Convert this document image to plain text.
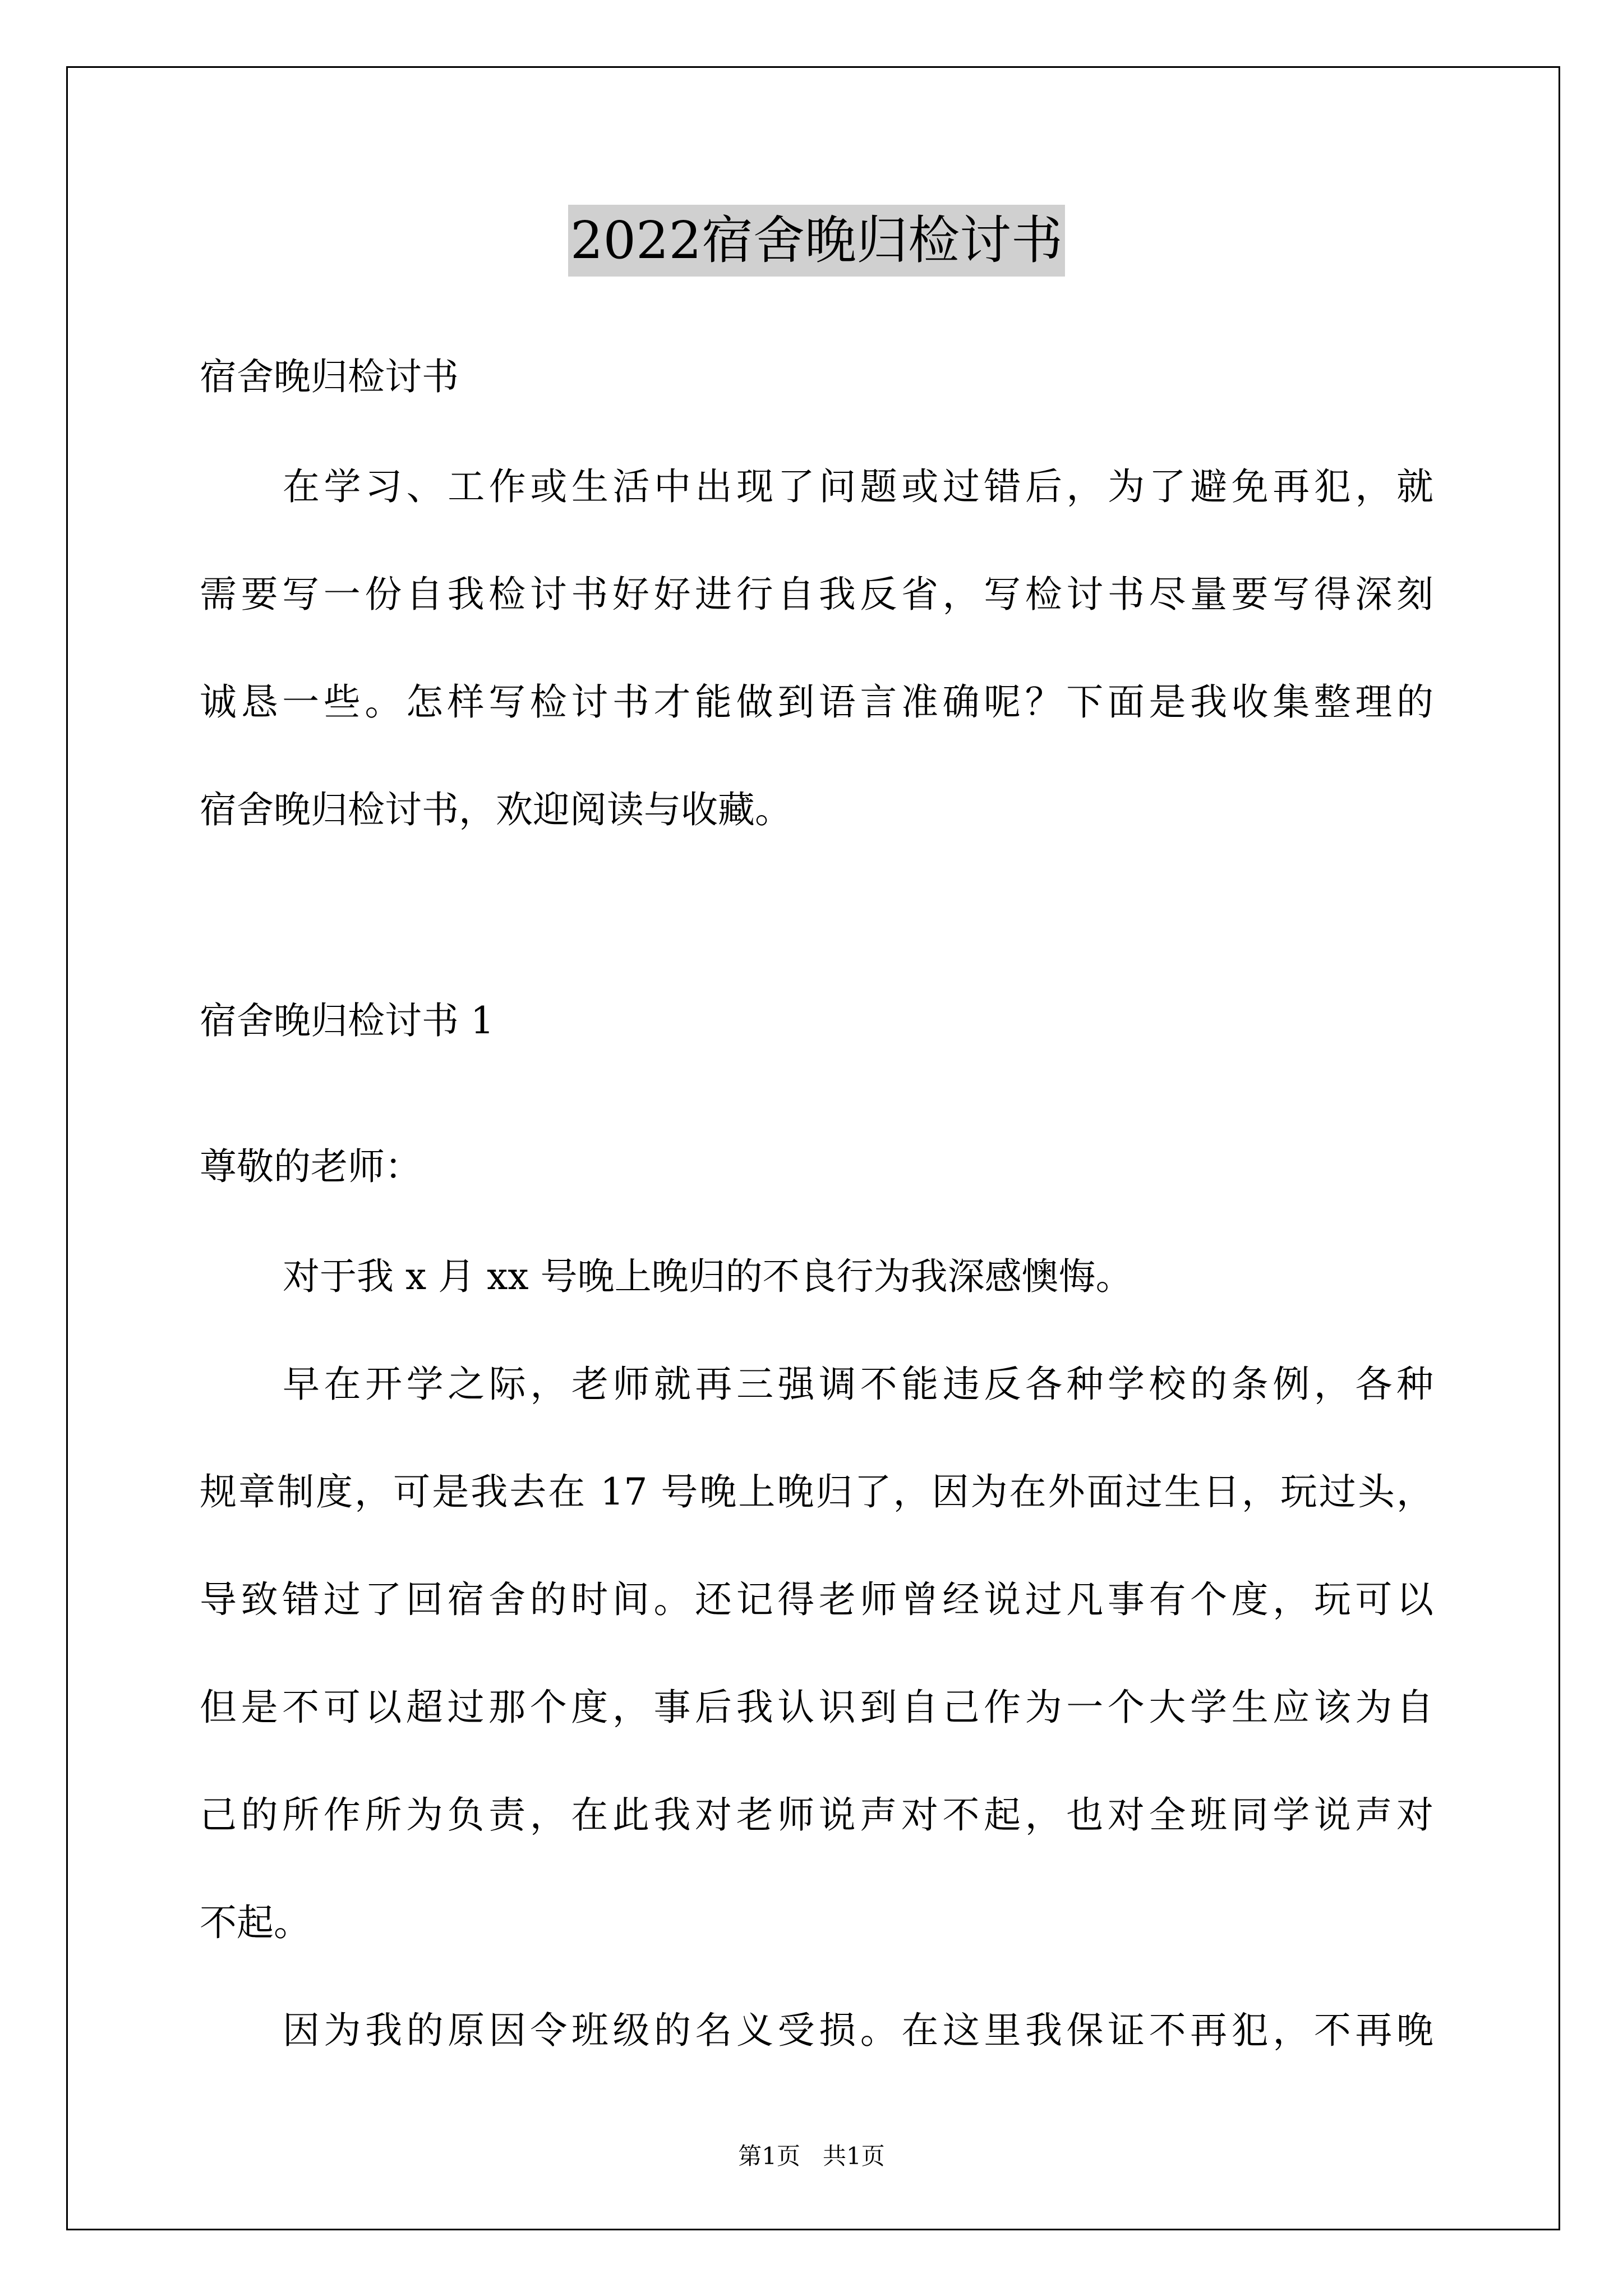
2022宿舍晚归检讨书
宿舍晚归检讨书
在学习、工作或生活中出现了问题或过错后，为了避免再犯，就
需要写一份自我检讨书好好进行自我反省，写检讨书尽量要写得深刻
诚恳一些。怎样写检讨书才能做到语言准确呢？下面是我收集整理的
宿舍晚归检讨书，欢迎阅读与收藏。
宿舍晚归检讨书 1
尊敬的老师：
对于我 x 月 xx 号晚上晚归的不良行为我深感懊悔。
早在开学之际，老师就再三强调不能违反各种学校的条例，各种
规章制度，可是我去在 17 号晚上晚归了，因为在外面过生日，玩过头，
导致错过了回宿舍的时间。还记得老师曾经说过凡事有个度，玩可以
但是不可以超过那个度，事后我认识到自己作为一个大学生应该为自
己的所作所为负责，在此我对老师说声对不起，也对全班同学说声对
不起。
因为我的原因令班级的名义受损。在这里我保证不再犯，不再晚
第1页   共1页
